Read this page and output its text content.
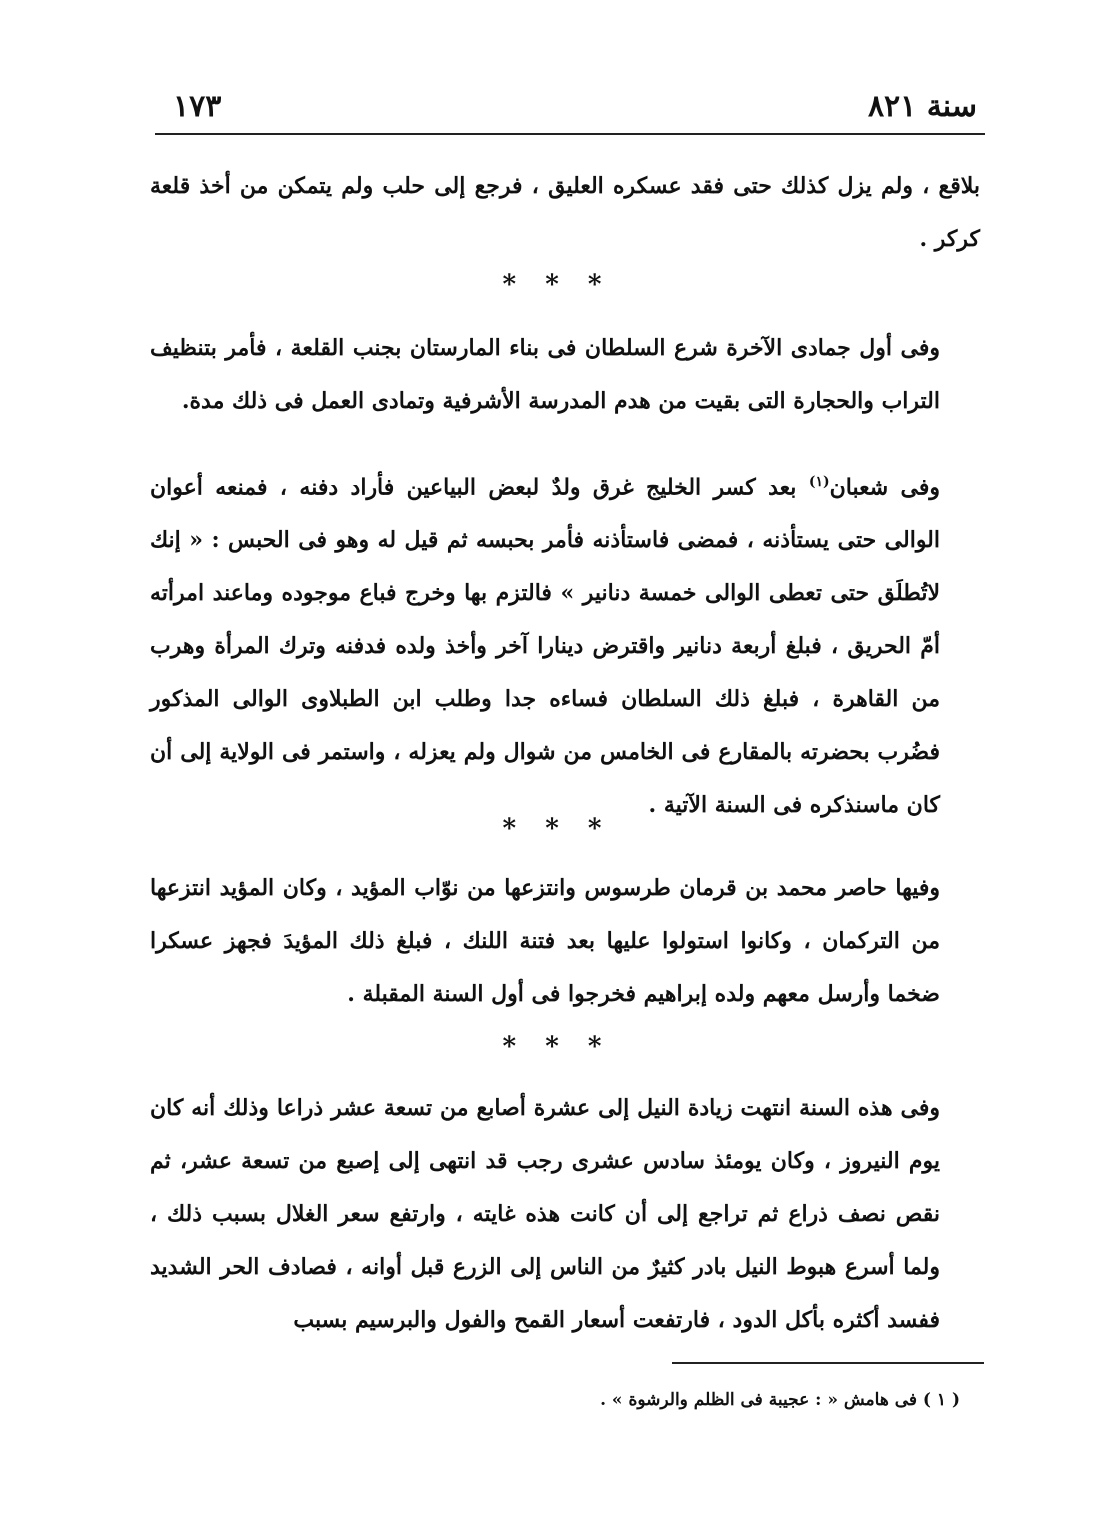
سنة ٨٢١
١٧٣

بلاقع ، ولم يزل كذلك حتى فقد عسكره العليق ، فرجع إلى حلب ولم يتمكن من أخذ قلعة كركر .

* * *

وفى أول جمادى الآخرة شرع السلطان فى بناء المارستان بجنب القلعة ، فأمر بتنظيف التراب والحجارة التى بقيت من هدم المدرسة الأشرفية وتمادى العمل فى ذلك مدة.

وفى شعبان$^{(١)}$ بعد كسر الخليج غرق ولدٌ لبعض البياعين فأراد دفنه ، فمنعه أعوان الوالى حتى يستأذنه ، فمضى فاستأذنه فأمر بحبسه ثم قيل له وهو فى الحبس : « إنك لاتُطلَق حتى تعطى الوالى خمسة دنانير » فالتزم بها وخرج فباع موجوده وماعند امرأته أمّ الحريق ، فبلغ أربعة دنانير واقترض دينارا آخر وأخذ ولده فدفنه وترك المرأة وهرب من القاهرة ، فبلغ ذلك السلطان فساءه جدا وطلب ابن الطبلاوى الوالى المذكور فضُرب بحضرته بالمقارع فى الخامس من شوال ولم يعزله ، واستمر فى الولاية إلى أن كان ماسنذكره فى السنة الآتية .

* * *

وفيها حاصر محمد بن قرمان طرسوس وانتزعها من نوّاب المؤيد ، وكان المؤيد انتزعها من التركمان ، وكانوا استولوا عليها بعد فتنة اللنك ، فبلغ ذلك المؤيدَ فجهز عسكرا ضخما وأرسل معهم ولده إبراهيم فخرجوا فى أول السنة المقبلة .

* * *

وفى هذه السنة انتهت زيادة النيل إلى عشرة أصابع من تسعة عشر ذراعا وذلك أنه كان يوم النيروز ، وكان يومئذ سادس عشرى رجب قد انتهى إلى إصبع من تسعة عشر، ثم نقص نصف ذراع ثم تراجع إلى أن كانت هذه غايته ، وارتفع سعر الغلال بسبب ذلك ، ولما أسرع هبوط النيل بادر كثيرٌ من الناس إلى الزرع قبل أوانه ، فصادف الحر الشديد ففسد أكثره بأكل الدود ، فارتفعت أسعار القمح والفول والبرسيم بسبب

( ١ ) فى هامش « : عجيبة فى الظلم والرشوة » .
